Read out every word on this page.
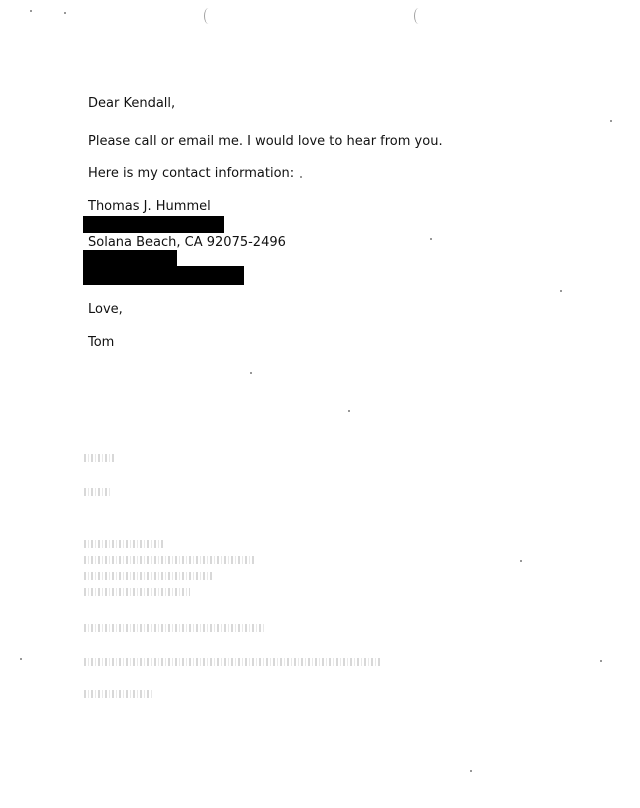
Dear Kendall,
Please call or email me. I would love to hear from you.
Here is my contact information:
Thomas J. Hummel
Solana Beach, CA 92075-2496
Love,
Tom
